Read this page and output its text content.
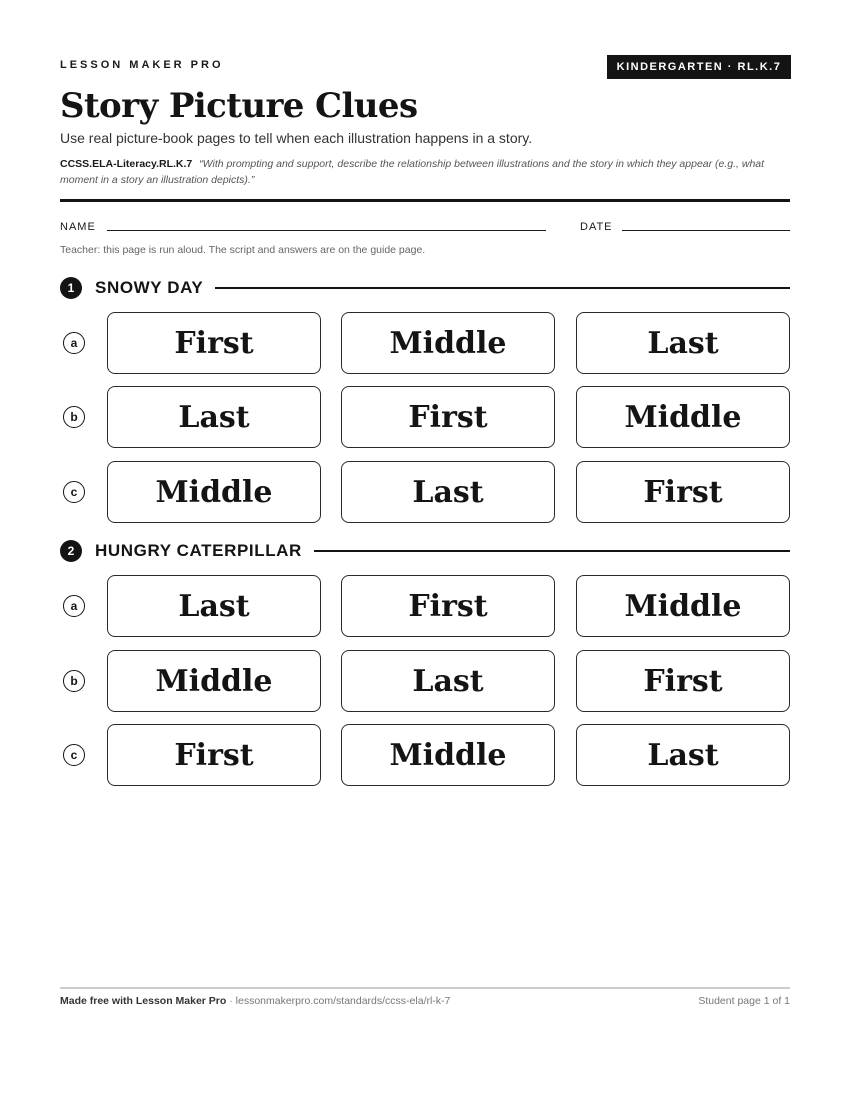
LESSON MAKER PRO	KINDERGARTEN · RL.K.7
Story Picture Clues
Use real picture-book pages to tell when each illustration happens in a story.
CCSS.ELA-Literacy.RL.K.7 “With prompting and support, describe the relationship between illustrations and the story in which they appear (e.g., what moment in a story an illustration depicts).”
NAME	DATE
Teacher: this page is run aloud. The script and answers are on the guide page.
1	SNOWY DAY
a	First	Middle	Last
b	Last	First	Middle
c	Middle	Last	First
2	HUNGRY CATERPILLAR
a	Last	First	Middle
b	Middle	Last	First
c	First	Middle	Last
Made free with Lesson Maker Pro · lessonmakerpro.com/standards/ccss-ela/rl-k-7	Student page 1 of 1
